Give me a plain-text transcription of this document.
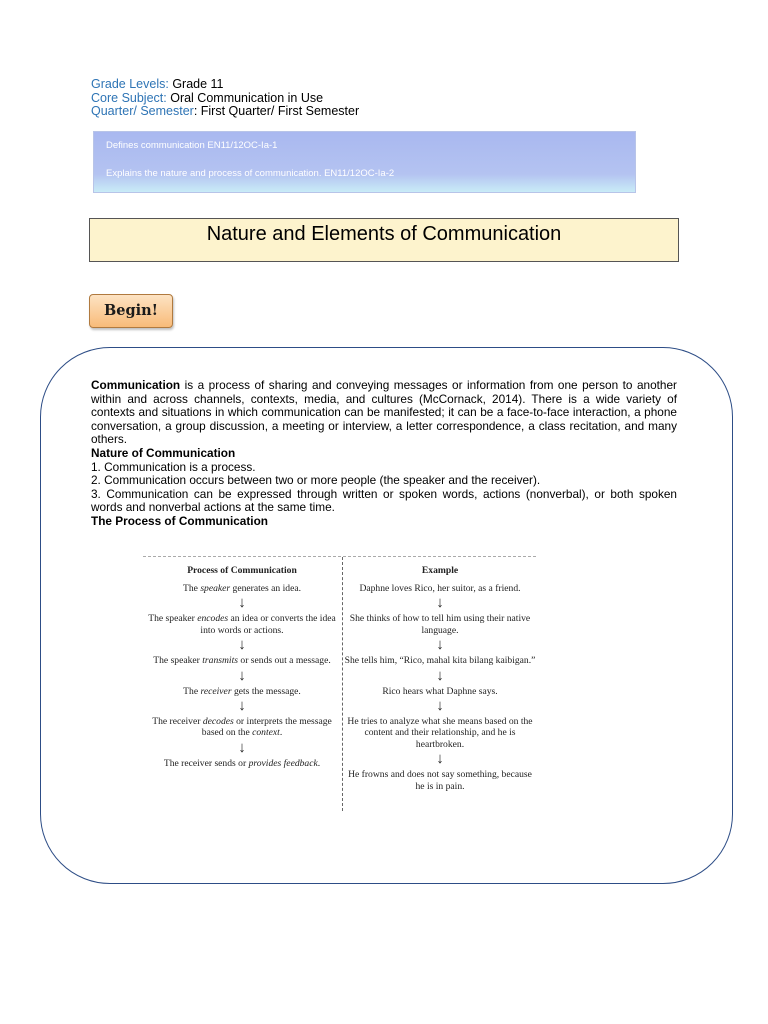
Grade Levels: Grade 11
Core Subject: Oral Communication in Use
Quarter/ Semester: First Quarter/ First Semester

Defines communication EN11/12OC-Ia-1

Explains the nature and process of communication. EN11/12OC-Ia-2

Nature and Elements of Communication
Begin!

Communication is a process of sharing and conveying messages or information from one person to another within and across channels, contexts, media, and cultures (McCornack, 2014). There is a wide variety of contexts and situations in which communication can be manifested; it can be a face-to-face interaction, a phone conversation, a group discussion, a meeting or interview, a letter correspondence, a class recitation, and many others.

Nature of Communication

1. Communication is a process.

2. Communication occurs between two or more people (the speaker and the receiver).

3. Communication can be expressed through written or spoken words, actions (nonverbal), or both spoken words and nonverbal actions at the same time.

The Process of Communication

Process of Communication

The speaker generates an idea.

↓

The speaker encodes an idea or converts the idea into words or actions.

↓

The speaker transmits or sends out a message.

↓

The receiver gets the message.

↓

The receiver decodes or interprets the message based on the context.

↓

The receiver sends or provides feedback.

Example

Daphne loves Rico, her suitor, as a friend.

↓

She thinks of how to tell him using their native language.

↓

She tells him, “Rico, mahal kita bilang kaibigan.”

↓

Rico hears what Daphne says.

↓

He tries to analyze what she means based on the content and their relationship, and he is heartbroken.

↓

He frowns and does not say something, because he is in pain.
